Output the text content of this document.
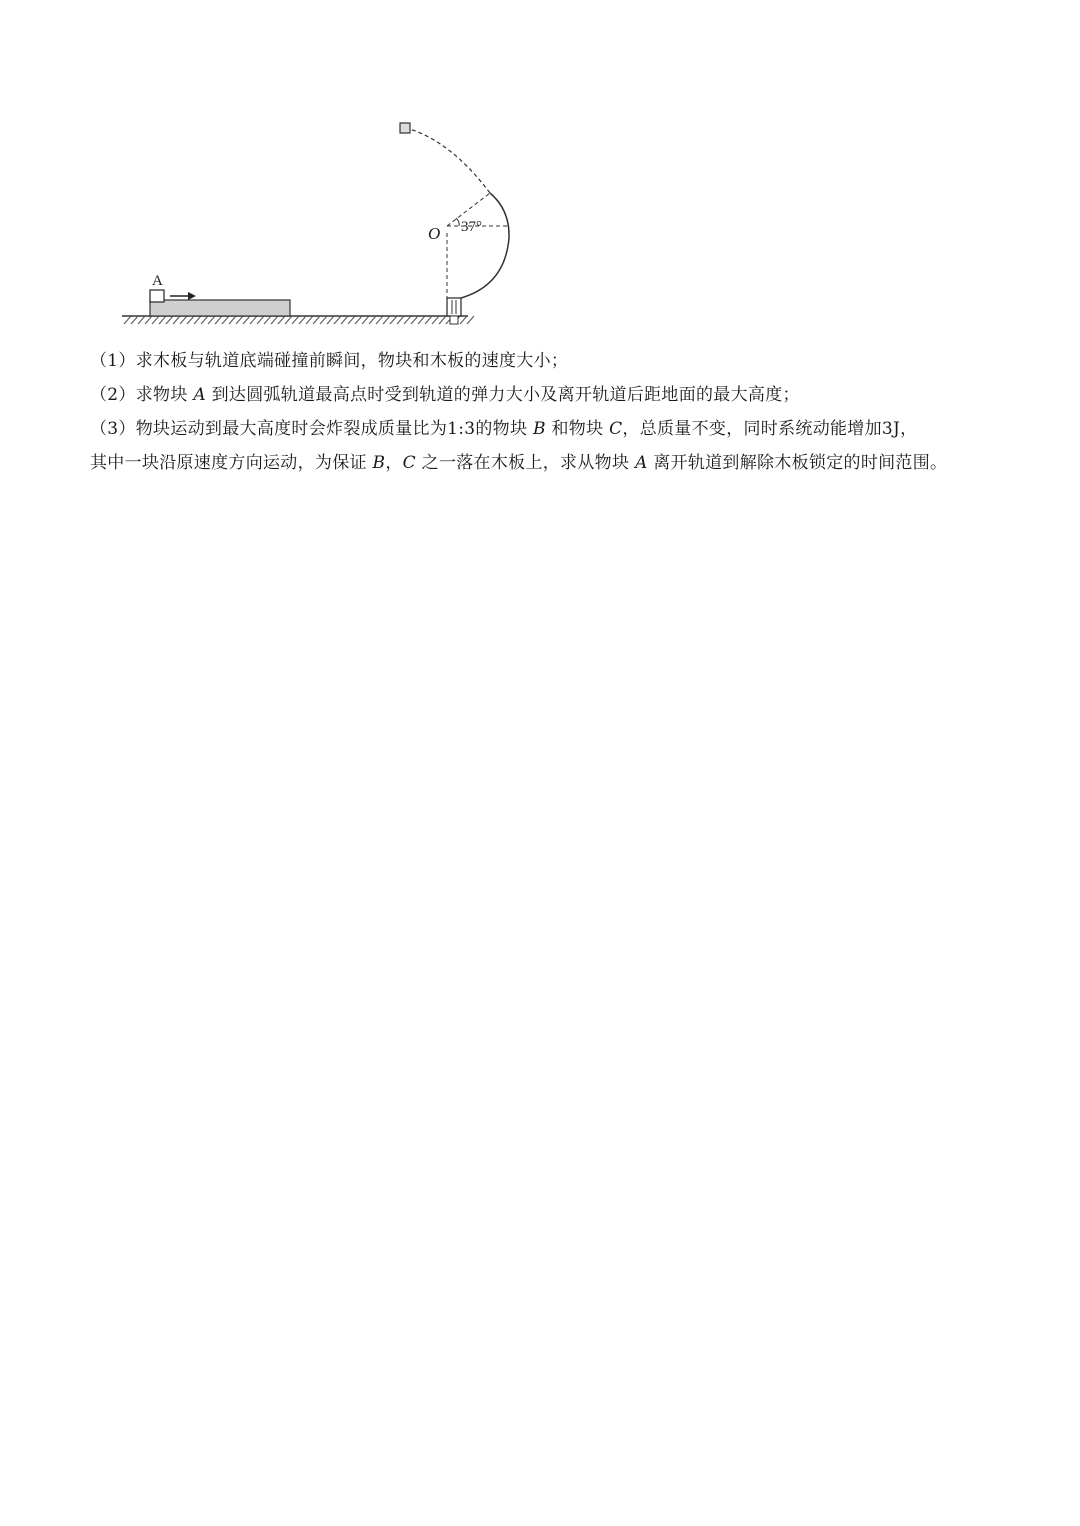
A
37°
O
（1）求木板与轨道底端碰撞前瞬间，物块和木板的速度大小；
（2）求物块 A 到达圆弧轨道最高点时受到轨道的弹力大小及离开轨道后距地面的最大高度；
（3）物块运动到最大高度时会炸裂成质量比为1:3的物块 B 和物块 C，总质量不变，同时系统动能增加3J，
其中一块沿原速度方向运动，为保证 B，C 之一落在木板上，求从物块 A 离开轨道到解除木板锁定的时间范围。
